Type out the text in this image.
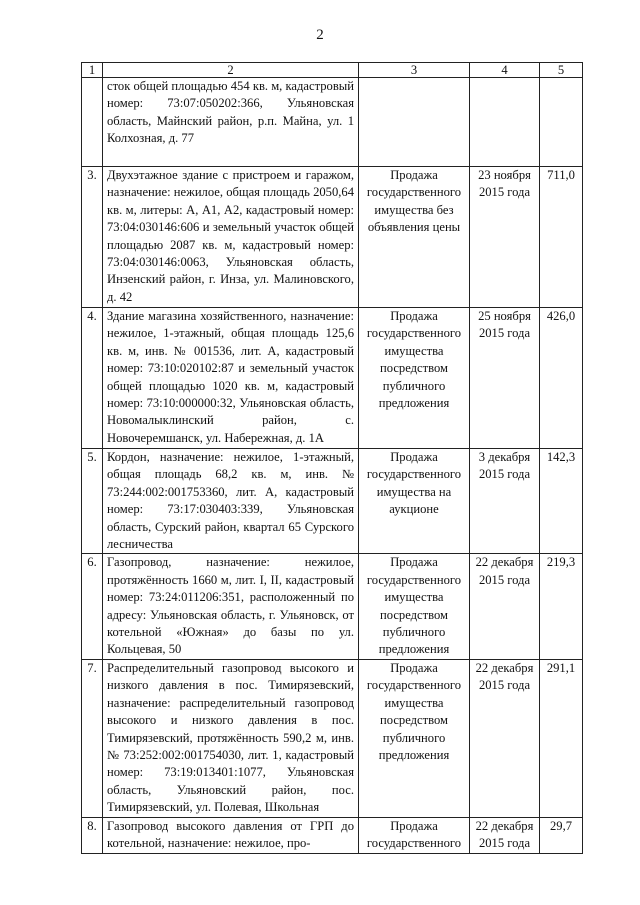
2
1	2	3	4	5
	сток общей площадью 454 кв. м, кадастровый номер: 73:07:050202:366, Ульяновская область, Майнский район, р.п. Майна, ул. 1 Колхозная, д. 77			
3.	Двухэтажное здание с пристроем и гаражом, назначение: нежилое, общая площадь 2050,64 кв. м, литеры: А, А1, А2, кадастровый номер: 73:04:030146:606 и земельный участок общей площадью 2087 кв. м, кадастровый номер: 73:04:030146:0063, Ульяновская область, Инзенский район, г. Инза, ул. Малиновского, д. 42	Продажа государственного имущества без объявления цены	23 ноября 2015 года	711,0
4.	Здание магазина хозяйственного, назначение: нежилое, 1-этажный, общая площадь 125,6 кв. м, инв. № 001536, лит. А, кадастровый номер: 73:10:020102:87 и земельный участок общей площадью 1020 кв. м, кадастровый номер: 73:10:000000:32, Ульяновская область, Новомалыклинский район, с. Новочеремшанск, ул. Набережная, д. 1А	Продажа государственного имущества посредством публичного предложения	25 ноября 2015 года	426,0
5.	Кордон, назначение: нежилое, 1-этажный, общая площадь 68,2 кв. м, инв. № 73:244:002:001753360, лит. А, кадастровый номер: 73:17:030403:339, Ульяновская область, Сурский район, квартал 65 Сурского лесничества	Продажа государственного имущества на аукционе	3 декабря 2015 года	142,3
6.	Газопровод, назначение: нежилое, протяжённость 1660 м, лит. I, II, кадастровый номер: 73:24:011206:351, расположенный по адресу: Ульяновская область, г. Ульяновск, от котельной «Южная» до базы по ул. Кольцевая, 50	Продажа государственного имущества посредством публичного предложения	22 декабря 2015 года	219,3
7.	Распределительный газопровод высокого и низкого давления в пос. Тимирязевский, назначение: распределительный газопровод высокого и низкого давления в пос. Тимирязевский, протяжённость 590,2 м, инв. № 73:252:002:001754030, лит. 1, кадастровый номер: 73:19:013401:1077, Ульяновская область, Ульяновский район, пос. Тимирязевский, ул. Полевая, Школьная	Продажа государственного имущества посредством публичного предложения	22 декабря 2015 года	291,1
8.	Газопровод высокого давления от ГРП до котельной, назначение: нежилое, про-	Продажа государственного	22 декабря 2015 года	29,7
